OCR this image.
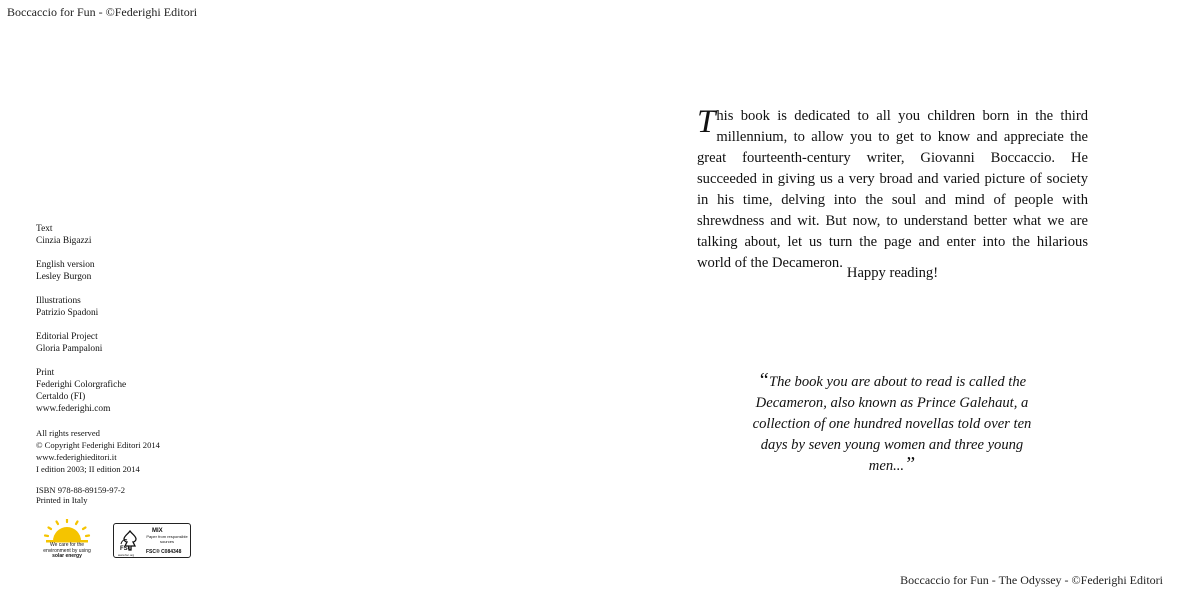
Boccaccio for Fun - ©Federighi Editori
Text
Cinzia Bigazzi
English version
Lesley Burgon
Illustrations
Patrizio Spadoni
Editorial Project
Gloria Pampaloni
Print
Federighi Colorgrafiche
Certaldo (FI)
www.federighi.com
All rights reserved
© Copyright Federighi Editori 2014
www.federighieditori.it
I edition 2003; II edition 2014
ISBN 978-88-89159-97-2
Printed in Italy
We care for the
environment by using
solar energy
FSC
www.fsc.org
MIX
Paper from responsible sources
FSC® C084348
T his book is dedicated to all you children born in the third millennium, to allow you to get to know and appreciate the great fourteenth-century writer, Giovanni Boccaccio. He succeeded in giving us a very broad and varied picture of society in his time, delving into the soul and mind of people with shrewdness and wit. But now, to understand better what we are talking about, let us turn the page and enter into the hilarious world of the Decameron.
Happy reading!
“The book you are about to read is called the Decameron, also known as Prince Galehaut, a collection of one hundred novellas told over ten days by seven young women and three young men...”
Boccaccio for Fun - The Odyssey - ©Federighi Editori
